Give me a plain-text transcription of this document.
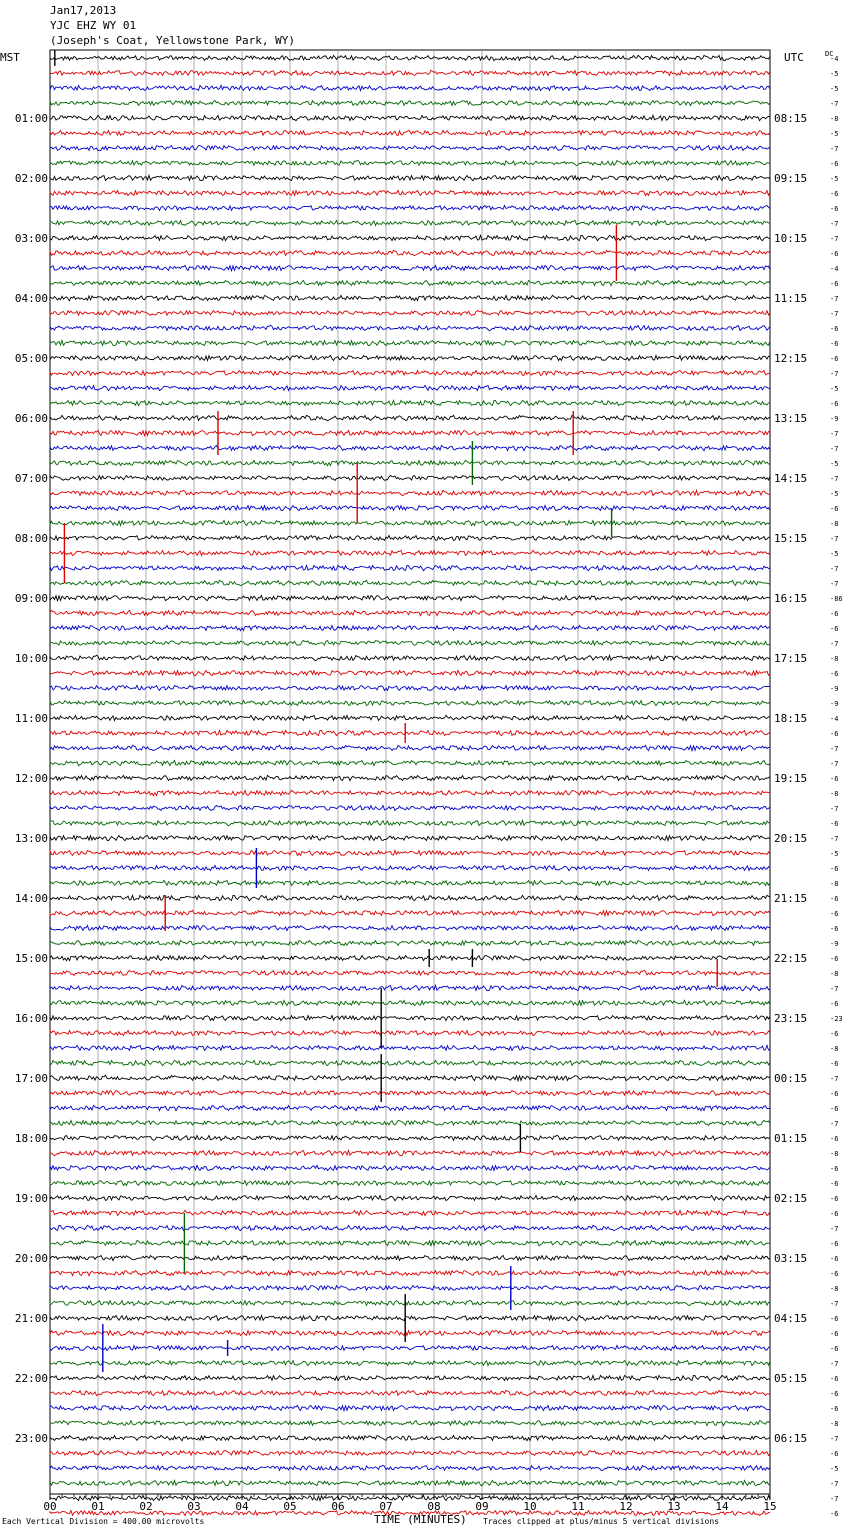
Jan17,2013
YJC EHZ WY 01
(Joseph's Coat, Yellowstone Park, WY)
00	01	02	03	04	05	06	07	08	09	10	11	12	13	14	15
MST	UTC	DC
-4
-5
-5
-7
-8
-5
-7
-6
-5
-6
-6
-7
-7
-6
-4
-6
-7
-7
-6
-6
-6
-7
-5
-6
-9
-7
-7
-5
-7
-5
-6
-8
-7
-5
-7
-7
-86
-6
-6
-7
-8
-6
-9
-9
-4
-6
-7
-7
-6
-8
-7
-6
-7
-5
-6
-8
-6
-6
-6
-9
-6
-8
-7
-6
-23
-6
-8
-6
-7
-6
-6
-7
-6
-8
-6
-6
-6
-6
-7
-6
-6
-6
-8
-7
-6
-6
-6
-7
-6
-6
-6
-8
-7
-6
-5
-7
-7
-6
01:00
02:00
03:00
04:00
05:00
06:00
07:00
08:00
09:00
10:00
11:00
12:00
13:00
14:00
15:00
16:00
17:00
18:00
19:00
20:00
21:00
22:00
23:00
08:15
09:15
10:15
11:15
12:15
13:15
14:15
15:15
16:15
17:15
18:15
19:15
20:15
21:15
22:15
23:15
00:15
01:15
02:15
03:15
04:15
05:15
06:15
Each Vertical Division = 400.00 microvolts	TIME (MINUTES) Traces clipped at plus/minus 5 vertical divisions
